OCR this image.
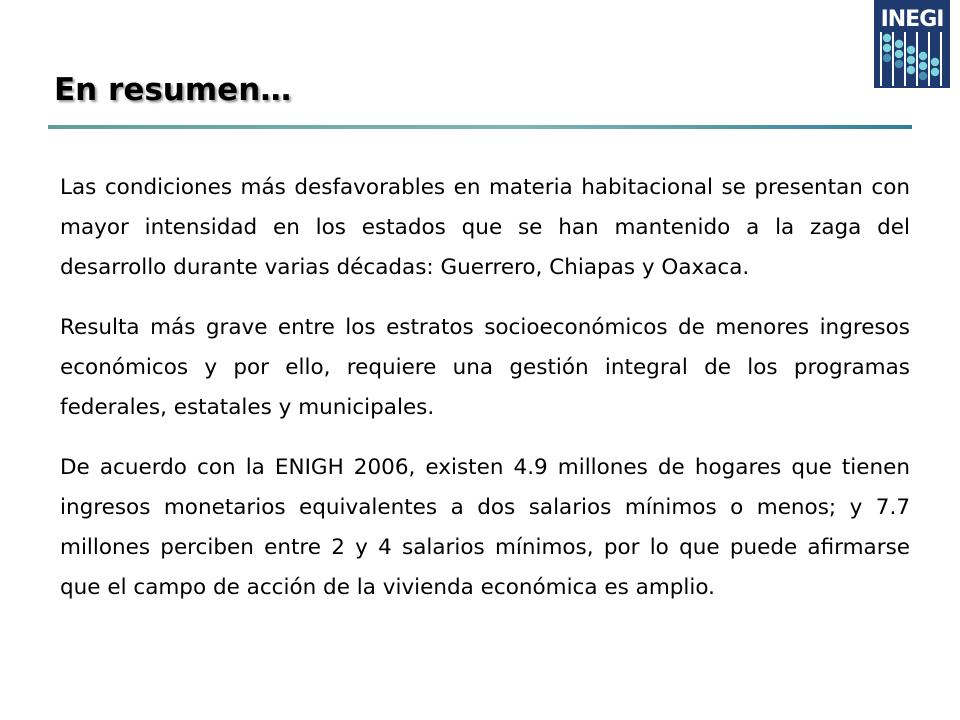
INEGI
En resumen…

Las condiciones más desfavorables en materia habitacional se presentan con mayor intensidad en los estados que se han mantenido a la zaga del desarrollo durante varias décadas: Guerrero, Chiapas y Oaxaca.

Resulta más grave entre los estratos socioeconómicos de menores ingresos económicos y por ello, requiere una gestión integral de los programas federales, estatales y municipales.

De acuerdo con la ENIGH 2006, existen 4.9 millones de hogares que tienen ingresos monetarios equivalentes a dos salarios mínimos o menos; y 7.7 millones perciben entre 2 y 4 salarios mínimos, por lo que puede afirmarse que el campo de acción de la vivienda económica es amplio.
